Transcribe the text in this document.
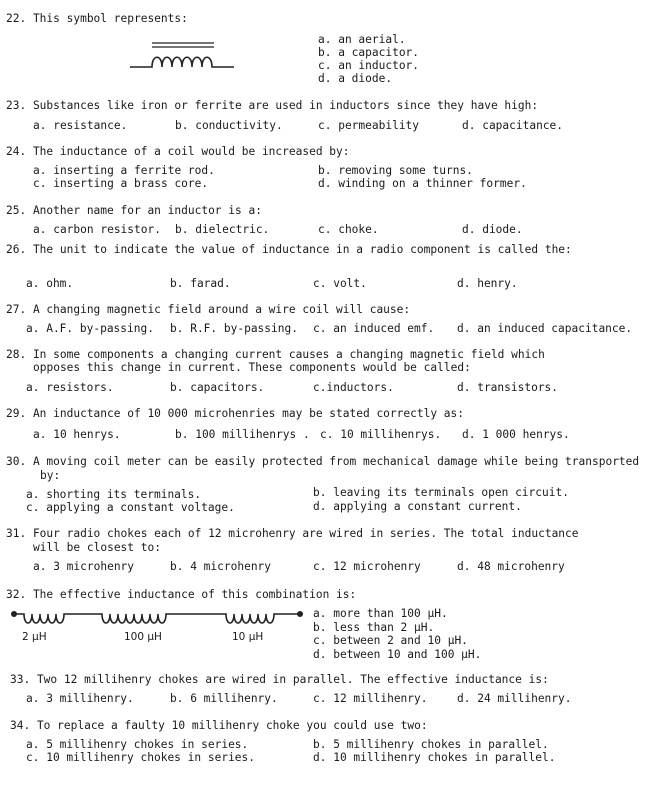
22. This symbol represents:
a. an aerial.
b. a capacitor.
c. an inductor.
d. a diode.
23. Substances like iron or ferrite are used in inductors since they have high:
a. resistance.	b. conductivity.	c. permeability	d. capacitance.
24. The inductance of a coil would be increased by:
a. inserting a ferrite rod.	b. removing some turns.
c. inserting a brass core.	d. winding on a thinner former.
25. Another name for an inductor is a:
a. carbon resistor. b. dielectric.	c. choke.	d. diode.
26. The unit to indicate the value of inductance in a radio component is called the:
a. ohm.	b. farad.	c. volt.	d. henry.
27. A changing magnetic field around a wire coil will cause:
a. A.F. by-passing. b. R.F. by-passing. c. an induced emf. d. an induced capacitance.
28. In some components a changing current causes a changing magnetic field which
opposes this change in current. These components would be called:
a. resistors.	b. capacitors.	c.inductors.	d. transistors.
29. An inductance of 10 000 microhenries may be stated correctly as:
a. 10 henrys.	b. 100 millihenrys . c. 10 millihenrys. d. 1 000 henrys.
30. A moving coil meter can be easily protected from mechanical damage while being transported
by:
a. shorting its terminals.	b. leaving its terminals open circuit.
c. applying a constant voltage.	d. applying a constant current.
31. Four radio chokes each of 12 microhenry are wired in series. The total inductance
will be closest to:
a. 3 microhenry	b. 4 microhenry	c. 12 microhenry	d. 48 microhenry
32. The effective inductance of this combination is:
2 μH	100 μH	10 μH
a. more than 100 μH.
b. less than 2 μH.
c. between 2 and 10 μH.
d. between 10 and 100 μH.
33. Two 12 millihenry chokes are wired in parallel. The effective inductance is:
a. 3 millihenry.	b. 6 millihenry.	c. 12 millihenry.	d. 24 millihenry.
34. To replace a faulty 10 millihenry choke you could use two:
a. 5 millihenry chokes in series.	b. 5 millihenry chokes in parallel.
c. 10 millihenry chokes in series.	d. 10 millihenry chokes in parallel.
